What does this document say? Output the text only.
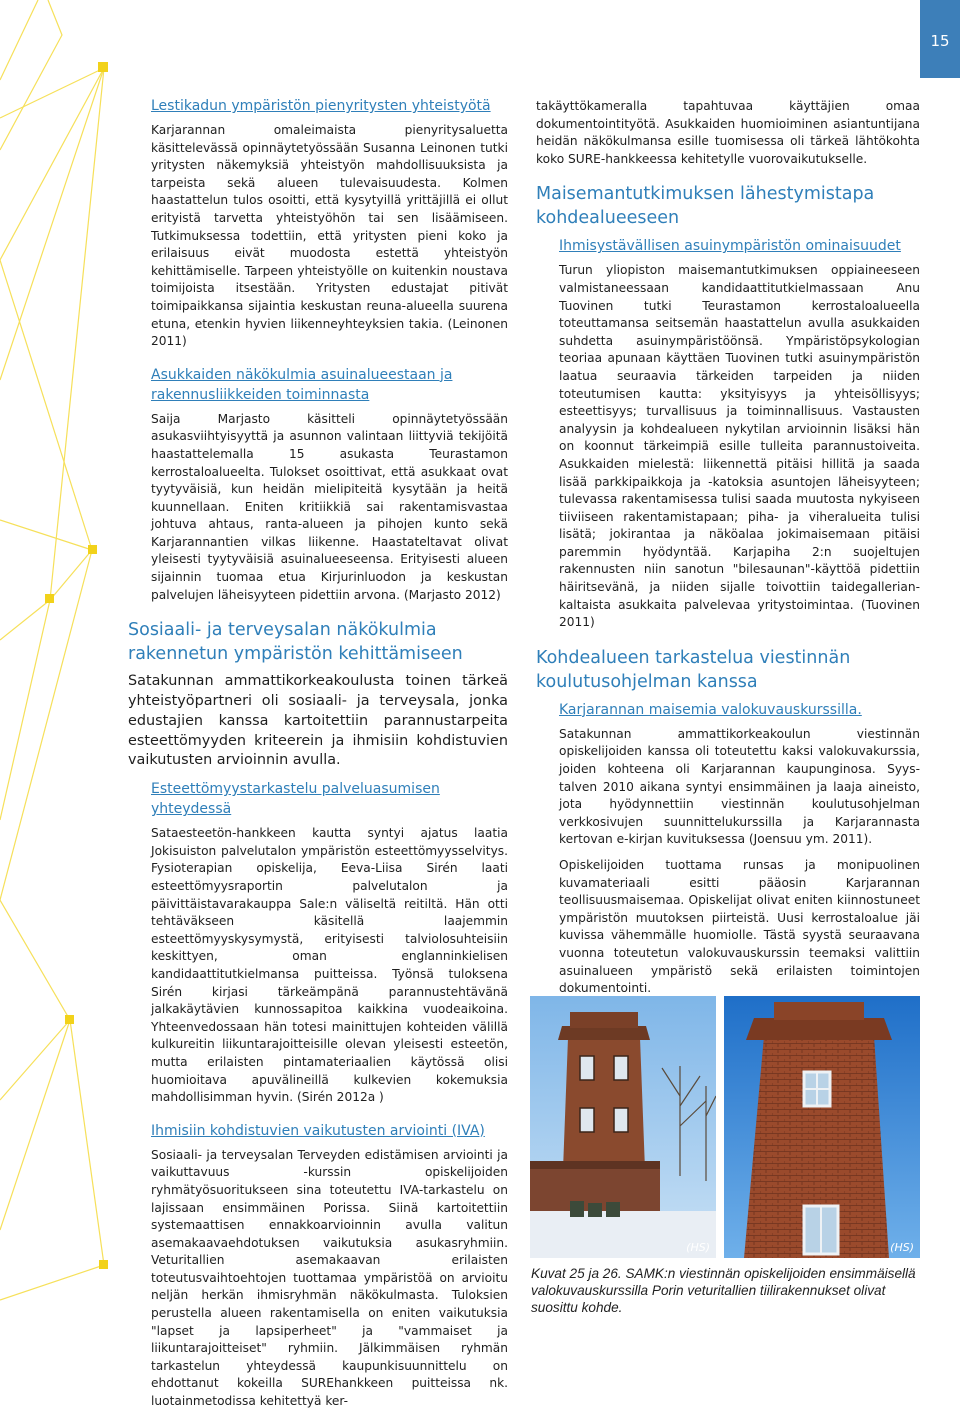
15
Lestikadun ympäristön pienyritysten yhteistyötä

Karjarannan omaleimaista pienyritysaluetta käsittelevässä opinnäytetyössään Susanna Leinonen tutki yritysten näkemyksiä yhteistyön mahdollisuuksista ja tarpeista sekä alueen tulevaisuudesta. Kolmen haastattelun tulos osoitti, että kysytyillä yrittäjillä ei ollut erityistä tarvetta yhteistyöhön tai sen lisäämiseen. Tutkimuksessa todettiin, että yritysten pieni koko ja erilaisuus eivät muodosta estettä yhteistyön kehittämiselle. Tarpeen yhteistyölle on kuitenkin noustava toimijoista itsestään. Yritysten edustajat pitivät toimipaikkansa sijaintia keskustan reuna-alueella suurena etuna, etenkin hyvien liikenneyhteyksien takia. (Leinonen 2011)

Asukkaiden näkökulmia asuinalueestaan ja rakennusliikkeiden toiminnasta

Saija Marjasto käsitteli opinnäytetyössään asukasviihtyisyyttä ja asunnon valintaan liittyviä tekijöitä haastattelemalla 15 asukasta Teurastamon kerrostaloalueelta. Tulokset osoittivat, että asukkaat ovat tyytyväisiä, kun heidän mielipiteitä kysytään ja heitä kuunnellaan. Eniten kritiikkiä sai rakentamisvastaa johtuva ahtaus, ranta-alueen ja pihojen kunto sekä Karjarannantien vilkas liikenne. Haastateltavat olivat yleisesti tyytyväisiä asuinalueeseensa. Erityisesti alueen sijainnin tuomaa etua Kirjurinluodon ja keskustan palvelujen läheisyyteen pidettiin arvona. (Marjasto 2012)

Sosiaali- ja terveysalan näkökulmia rakennetun ympäristön kehittämiseen

Satakunnan ammattikorkeakoulusta toinen tärkeä yhteistyöpartneri oli sosiaali- ja terveysala, jonka edustajien kanssa kartoitettiin parannustarpeita esteettömyyden kriteerein ja ihmisiin kohdistuvien vaikutusten arvioinnin avulla.

Esteettömyystarkastelu palveluasumisen yhteydessä

Sataesteetön-hankkeen kautta syntyi ajatus laatia Jokisuiston palvelutalon ympäristön esteettömyysselvitys. Fysioterapian opiskelija, Eeva-Liisa Sirén laati esteettömyysraportin palvelutalon ja päivittäistavarakauppa Sale:n väliseltä reitiltä. Hän otti tehtäväkseen käsitellä laajemmin esteettömyyskysymystä, erityisesti talviolosuhteisiin keskittyen, oman englanninkielisen kandidaattitutkielmansa puitteissa. Työnsä tuloksena Sirén kirjasi tärkeämpänä parannustehtävänä jalkakäytävien kunnossapitoa kaikkina vuodeaikoina. Yhteenvedossaan hän totesi mainittujen kohteiden välillä kulkureitin liikuntarajoitteisille olevan yleisesti esteetön, mutta erilaisten pintamateriaalien käytössä olisi huomioitava apuvälineillä kulkevien kokemuksia mahdollisimman hyvin. (Sirén 2012a )

Ihmisiin kohdistuvien vaikutusten arviointi (IVA)

Sosiaali- ja terveysalan Terveyden edistämisen arviointi ja vaikuttavuus -kurssin opiskelijoiden ryhmätyösuoritukseen sina toteutettu IVA-tarkastelu on lajissaan ensimmäinen Porissa. Siinä kartoitettiin systemaattisen ennakkoarvioinnin avulla valitun asemakaavaehdotuksen vaikutuksia asukasryhmiin. Veturitallien asemakaavan erilaisten toteutusvaihtoehtojen tuottamaa ympäristöä on arvioitu neljän herkän ihmisryhmän näkökulmasta. Tuloksien perustella alueen rakentamisella on eniten vaikutuksia "lapset ja lapsiperheet" ja "vammaiset ja liikuntarajoitteiset" ryhmiin. Jälkimmäisen ryhmän tarkastelun yhteydessä kaupunkisuunnittelu on ehdottanut kokeilla SUREhankkeen puitteissa nk. luotainmetodissa kehitettyä ker-

takäyttökameralla tapahtuvaa käyttäjien omaa dokumentointityötä. Asukkaiden huomioiminen asiantuntijana heidän näkökulmansa esille tuomisessa oli tärkeä lähtökohta koko SURE-hankkeessa kehitetylle vuorovaikutukselle.

Maisemantutkimuksen lähestymistapa kohdealueeseen
Ihmisystävällisen asuinympäristön ominaisuudet

Turun yliopiston maisemantutkimuksen oppiaineeseen valmistaneessaan kandidaattitutkielmassaan Anu Tuovinen tutki Teurastamon kerrostaloalueella toteuttamansa seitsemän haastattelun avulla asukkaiden suhdetta asuinympäristöönsä. Ympäristöpsykologian teoriaa apunaan käyttäen Tuovinen tutki asuinympäristön laatua seuraavia tärkeiden tarpeiden ja niiden toteutumisen kautta: yksityisyys ja yhteisöllisyys; esteettisyys; turvallisuus ja toiminnallisuus. Vastausten analyysin ja kohdealueen nykytilan arvioinnin lisäksi hän on koonnut tärkeimpiä esille tulleita parannustoiveita. Asukkaiden mielestä: liikennettä pitäisi hillitä ja saada lisää parkkipaikkoja ja -katoksia asuntojen läheisyyteen; tulevassa rakentamisessa tulisi saada muutosta nykyiseen tiiviiseen rakentamistapaan; piha- ja viheralueita tulisi lisätä; jokirantaa ja näköalaa jokimaisemaan pitäisi paremmin hyödyntää. Karjapiha 2:n suojeltujen rakennusten niin sanotun "bilesaunan"-käyttöä pidettiin häiritsevänä, ja niiden sijalle toivottiin taidegallerian-kaltaista asukkaita palvelevaa yritystoimintaa. (Tuovinen 2011)

Kohdealueen tarkastelua viestinnän koulutusohjelman kanssa
Karjarannan maisemia valokuvauskurssilla.

Satakunnan ammattikorkeakoulun viestinnän opiskelijoiden kanssa oli toteutettu kaksi valokuvakurssia, joiden kohteena oli Karjarannan kaupunginosa. Syys-talven 2010 aikana syntyi ensimmäinen ja laaja aineisto, jota hyödynnettiin viestinnän koulutusohjelman verkkosivujen suunnittelukurssilla ja Karjarannasta kertovan e-kirjan kuvituksessa (Joensuu ym. 2011).

Opiskelijoiden tuottama runsas ja monipuolinen kuvamateriaali esitti pääosin Karjarannan teollisuusmaisemaa. Opiskelijat olivat eniten kiinnostuneet ympäristön muutoksen piirteistä. Uusi kerrostaloalue jäi kuvissa vähemmälle huomiolle. Tästä syystä seuraavana vuonna toteutetun valokuvauskurssin teemaksi valittiin asuinalueen ympäristö sekä erilaisten toimintojen dokumentointi.

(HS)	(HS)
Kuvat 25 ja 26. SAMK:n viestinnän opiskelijoiden ensimmäisellä valokuvauskurssilla Porin veturitallien tiilirakennukset olivat suosittu kohde.
